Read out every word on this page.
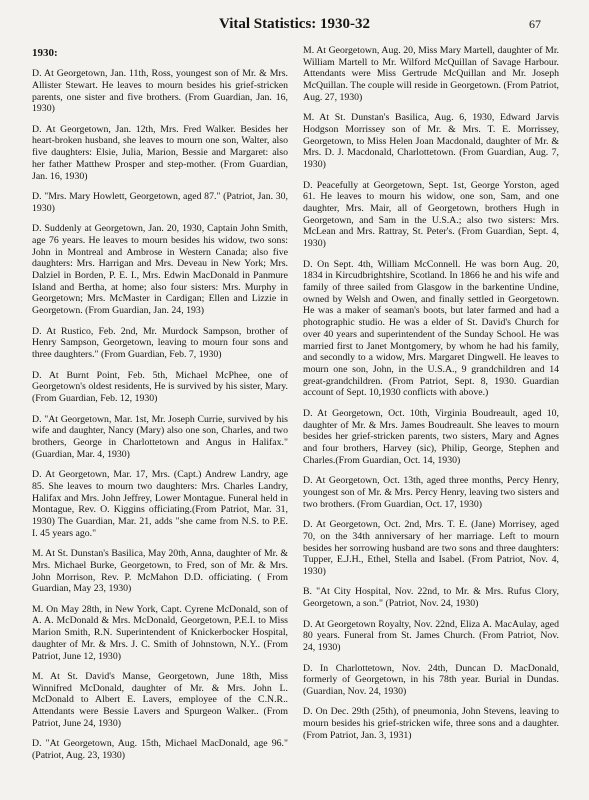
Vital Statistics: 1930-32	67

1930:

D. At Georgetown, Jan. 11th, Ross, youngest son of Mr. & Mrs. Allister Stewart. He leaves to mourn besides his grief-stricken parents, one sister and five brothers. (From Guardian, Jan. 16, 1930)

D. At Georgetown, Jan. 12th, Mrs. Fred Walker. Besides her heart-broken husband, she leaves to mourn one son, Walter, also five daughters: Elsie, Julia, Marion, Bessie and Margaret: also her father Matthew Prosper and step-mother. (From Guardian, Jan. 16, 1930)

D. "Mrs. Mary Howlett, Georgetown, aged 87." (Patriot, Jan. 30, 1930)

D. Suddenly at Georgetown, Jan. 20, 1930, Captain John Smith, age 76 years. He leaves to mourn besides his widow, two sons: John in Montreal and Ambrose in Western Canada; also five daughters: Mrs. Harrigan and Mrs. Deveau in New York; Mrs. Dalziel in Borden, P. E. I., Mrs. Edwin MacDonald in Panmure Island and Bertha, at home; also four sisters: Mrs. Murphy in Georgetown; Mrs. McMaster in Cardigan; Ellen and Lizzie in Georgetown. (From Guardian, Jan. 24, 193)

D. At Rustico, Feb. 2nd, Mr. Murdock Sampson, brother of Henry Sampson, Georgetown, leaving to mourn four sons and three daughters." (From Guardian, Feb. 7, 1930)

D. At Burnt Point, Feb. 5th, Michael McPhee, one of Georgetown's oldest residents, He is survived by his sister, Mary. (From Guardian, Feb. 12, 1930)

D. "At Georgetown, Mar. 1st, Mr. Joseph Currie, survived by his wife and daughter, Nancy (Mary) also one son, Charles, and two brothers, George in Charlottetown and Angus in Halifax." (Guardian, Mar. 4, 1930)

D. At Georgetown, Mar. 17, Mrs. (Capt.) Andrew Landry, age 85. She leaves to mourn two daughters: Mrs. Charles Landry, Halifax and Mrs. John Jeffrey, Lower Montague. Funeral held in Montague, Rev. O. Kiggins officiating.(From Patriot, Mar. 31, 1930) The Guardian, Mar. 21, adds "she came from N.S. to P.E. I. 45 years ago."

M. At St. Dunstan's Basilica, May 20th, Anna, daughter of Mr. & Mrs. Michael Burke, Georgetown, to Fred, son of Mr. & Mrs. John Morrison, Rev. P. McMahon D.D. officiating. ( From Guardian, May 23, 1930)

M. On May 28th, in New York, Capt. Cyrene McDonald, son of A. A. McDonald & Mrs. McDonald, Georgetown, P.E.I. to Miss Marion Smith, R.N. Superintendent of Knickerbocker Hospital, daughter of Mr. & Mrs. J. C. Smith of Johnstown, N.Y.. (From Patriot, June 12, 1930)

M. At St. David's Manse, Georgetown, June 18th, Miss Winnifred McDonald, daughter of Mr. & Mrs. John L. McDonald to Albert E. Lavers, employee of the C.N.R.. Attendants were Bessie Lavers and Spurgeon Walker.. (From Patriot, June 24, 1930)

D. "At Georgetown, Aug. 15th, Michael MacDonald, age 96." (Patriot, Aug. 23, 1930)

M. At Georgetown, Aug. 20, Miss Mary Martell, daughter of Mr. William Martell to Mr. Wilford McQuillan of Savage Harbour. Attendants were Miss Gertrude McQuillan and Mr. Joseph McQuillan. The couple will reside in Georgetown. (From Patriot, Aug. 27, 1930)

M. At St. Dunstan's Basilica, Aug. 6, 1930, Edward Jarvis Hodgson Morrissey son of Mr. & Mrs. T. E. Morrissey, Georgetown, to Miss Helen Joan Macdonald, daughter of Mr. & Mrs. D. J. Macdonald, Charlottetown. (From Guardian, Aug. 7, 1930)

D. Peacefully at Georgetown, Sept. 1st, George Yorston, aged 61. He leaves to mourn his widow, one son, Sam, and one daughter, Mrs. Mair, all of Georgetown, brothers Hugh in Georgetown, and Sam in the U.S.A.; also two sisters: Mrs. McLean and Mrs. Rattray, St. Peter's. (From Guardian, Sept. 4, 1930)

D. On Sept. 4th, William McConnell. He was born Aug. 20, 1834 in Kircudbrightshire, Scotland. In 1866 he and his wife and family of three sailed from Glasgow in the barkentine Undine, owned by Welsh and Owen, and finally settled in Georgetown. He was a maker of seaman's boots, but later farmed and had a photographic studio. He was a elder of St. David's Church for over 40 years and superintendent of the Sunday School. He was married first to Janet Montgomery, by whom he had his family, and secondly to a widow, Mrs. Margaret Dingwell. He leaves to mourn one son, John, in the U.S.A., 9 grandchildren and 14 great-grandchildren. (From Patriot, Sept. 8, 1930. Guardian account of Sept. 10,1930 conflicts with above.)

D. At Georgetown, Oct. 10th, Virginia Boudreault, aged 10, daughter of Mr. & Mrs. James Boudreault. She leaves to mourn besides her grief-stricken parents, two sisters, Mary and Agnes and four brothers, Harvey (sic), Philip, George, Stephen and Charles.(From Guardian, Oct. 14, 1930)

D. At Georgetown, Oct. 13th, aged three months, Percy Henry, youngest son of Mr. & Mrs. Percy Henry, leaving two sisters and two brothers. (From Guardian, Oct. 17, 1930)

D. At Georgetown, Oct. 2nd, Mrs. T. E. (Jane) Morrisey, aged 70, on the 34th anniversary of her marriage. Left to mourn besides her sorrowing husband are two sons and three daughters: Tupper, E.J.H., Ethel, Stella and Isabel. (From Patriot, Nov. 4, 1930)

B. "At City Hospital, Nov. 22nd, to Mr. & Mrs. Rufus Clory, Georgetown, a son." (Patriot, Nov. 24, 1930)

D. At Georgetown Royalty, Nov. 22nd, Eliza A. MacAulay, aged 80 years. Funeral from St. James Church. (From Patriot, Nov. 24, 1930)

D. In Charlottetown, Nov. 24th, Duncan D. MacDonald, formerly of Georgetown, in his 78th year. Burial in Dundas. (Guardian, Nov. 24, 1930)

D. On Dec. 29th (25th), of pneumonia, John Stevens, leaving to mourn besides his grief-stricken wife, three sons and a daughter. (From Patriot, Jan. 3, 1931)
